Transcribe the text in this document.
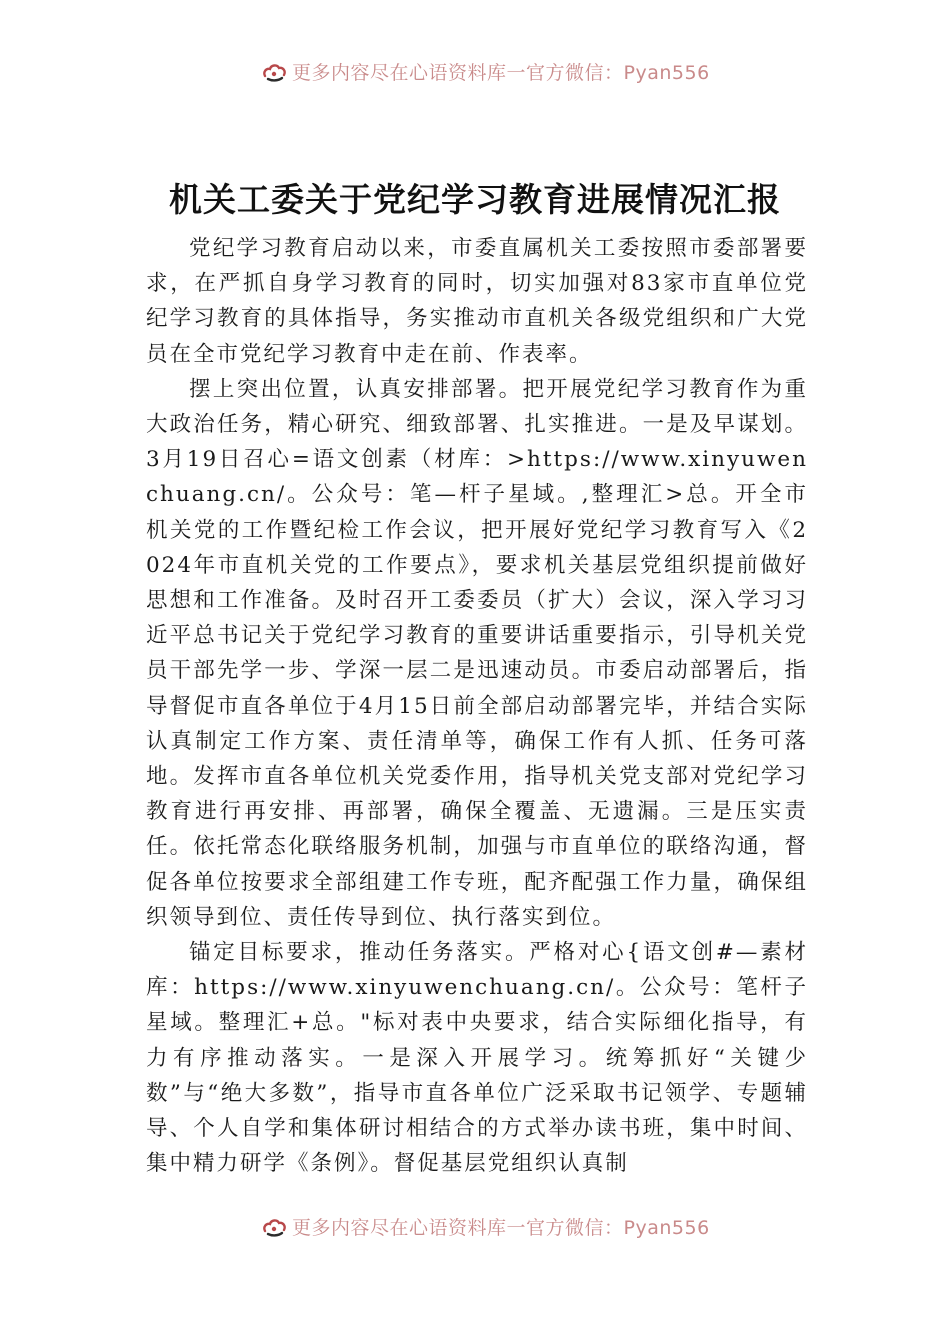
更多内容尽在心语资料库一官方微信：Pyan556
机关工委关于党纪学习教育进展情况汇报

党纪学习教育启动以来，市委直属机关工委按照市委部署要求，在严抓自身学习教育的同时，切实加强对83家市直单位党纪学习教育的具体指导，务实推动市直机关各级党组织和广大党员在全市党纪学习教育中走在前、作表率。

摆上突出位置，认真安排部署。把开展党纪学习教育作为重大政治任务，精心研究、细致部署、扎实推进。一是及早谋划。3月19日召心=语文创素（材库：>https://www.xinyuwenchuang.cn/。公众号：笔—杆子星域。,整理汇>总。开全市机关党的工作暨纪检工作会议，把开展好党纪学习教育写入《2024年市直机关党的工作要点》，要求机关基层党组织提前做好思想和工作准备。及时召开工委委员（扩大）会议，深入学习习近平总书记关于党纪学习教育的重要讲话重要指示，引导机关党员干部先学一步、学深一层二是迅速动员。市委启动部署后，指导督促市直各单位于4月15日前全部启动部署完毕，并结合实际认真制定工作方案、责任清单等，确保工作有人抓、任务可落地。发挥市直各单位机关党委作用，指导机关党支部对党纪学习教育进行再安排、再部署，确保全覆盖、无遗漏。三是压实责任。依托常态化联络服务机制，加强与市直单位的联络沟通，督促各单位按要求全部组建工作专班，配齐配强工作力量，确保组织领导到位、责任传导到位、执行落实到位。

锚定目标要求，推动任务落实。严格对心{语文创#—素材库：https://www.xinyuwenchuang.cn/。公众号：笔杆子星域。整理汇+总。"标对表中央要求，结合实际细化指导，有力有序推动落实。一是深入开展学习。统筹抓好“关键少数”与“绝大多数”，指导市直各单位广泛采取书记领学、专题辅导、个人自学和集体研讨相结合的方式举办读书班，集中时间、集中精力研学《条例》。督促基层党组织认真制

更多内容尽在心语资料库一官方微信：Pyan556
